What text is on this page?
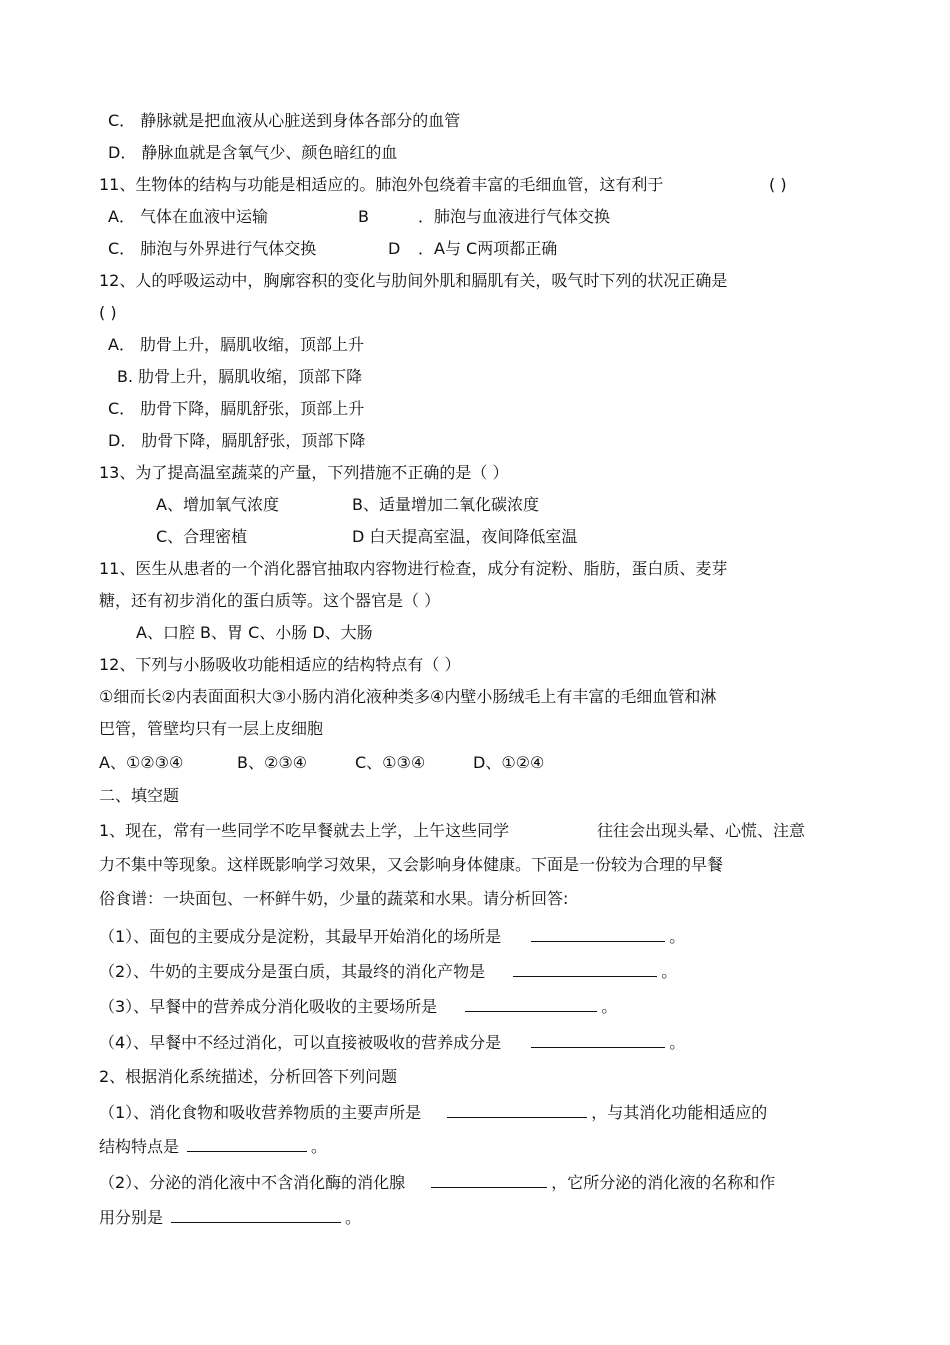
C． 静脉就是把血液从心脏送到身体各部分的血管
D． 静脉血就是含氧气少、颜色暗红的血
11、生物体的结构与功能是相适应的。肺泡外包绕着丰富的毛细血管，这有利于	( )
A． 气体在血液中运输	B	．肺泡与血液进行气体交换
C． 肺泡与外界进行气体交换	D ．A与 C两项都正确
12、人的呼吸运动中，胸廓容积的变化与肋间外肌和膈肌有关，吸气时下列的状况正确是
( )
A． 肋骨上升，膈肌收缩，顶部上升
B. 肋骨上升，膈肌收缩，顶部下降
C． 肋骨下降，膈肌舒张，顶部上升
D． 肋骨下降，膈肌舒张，顶部下降
13、为了提高温室蔬菜的产量，下列措施不正确的是（ ）
A、增加氧气浓度	B、适量增加二氧化碳浓度
C、合理密植	D 白天提高室温，夜间降低室温
11、医生从患者的一个消化器官抽取内容物进行检查，成分有淀粉、脂肪，蛋白质、麦芽
糖，还有初步消化的蛋白质等。这个器官是（ ）
A、口腔 B、胃 C、小肠 D、大肠
12、下列与小肠吸收功能相适应的结构特点有（ ）
①细而长②内表面面积大③小肠内消化液种类多④内壁小肠绒毛上有丰富的毛细血管和淋
巴管，管壁均只有一层上皮细胞
A、①②③④	B、②③④	C、①③④	D、①②④
二、填空题
1、现在，常有一些同学不吃早餐就去上学，上午这些同学	往往会出现头晕、心慌、注意
力不集中等现象。这样既影响学习效果，又会影响身体健康。下面是一份较为合理的早餐
俗食谱：一块面包、一杯鲜牛奶，少量的蔬菜和水果。请分析回答:
（1）、面包的主要成分是淀粉，其最早开始消化的场所是	。
（2）、牛奶的主要成分是蛋白质，其最终的消化产物是	。
（3）、早餐中的营养成分消化吸收的主要场所是	。
（4）、早餐中不经过消化，可以直接被吸收的营养成分是	。
2、根据消化系统描述，分析回答下列问题
（1）、消化食物和吸收营养物质的主要声所是	，与其消化功能相适应的
结构特点是	。
（2）、分泌的消化液中不含消化酶的消化腺	，它所分泌的消化液的名称和作
用分别是	。
